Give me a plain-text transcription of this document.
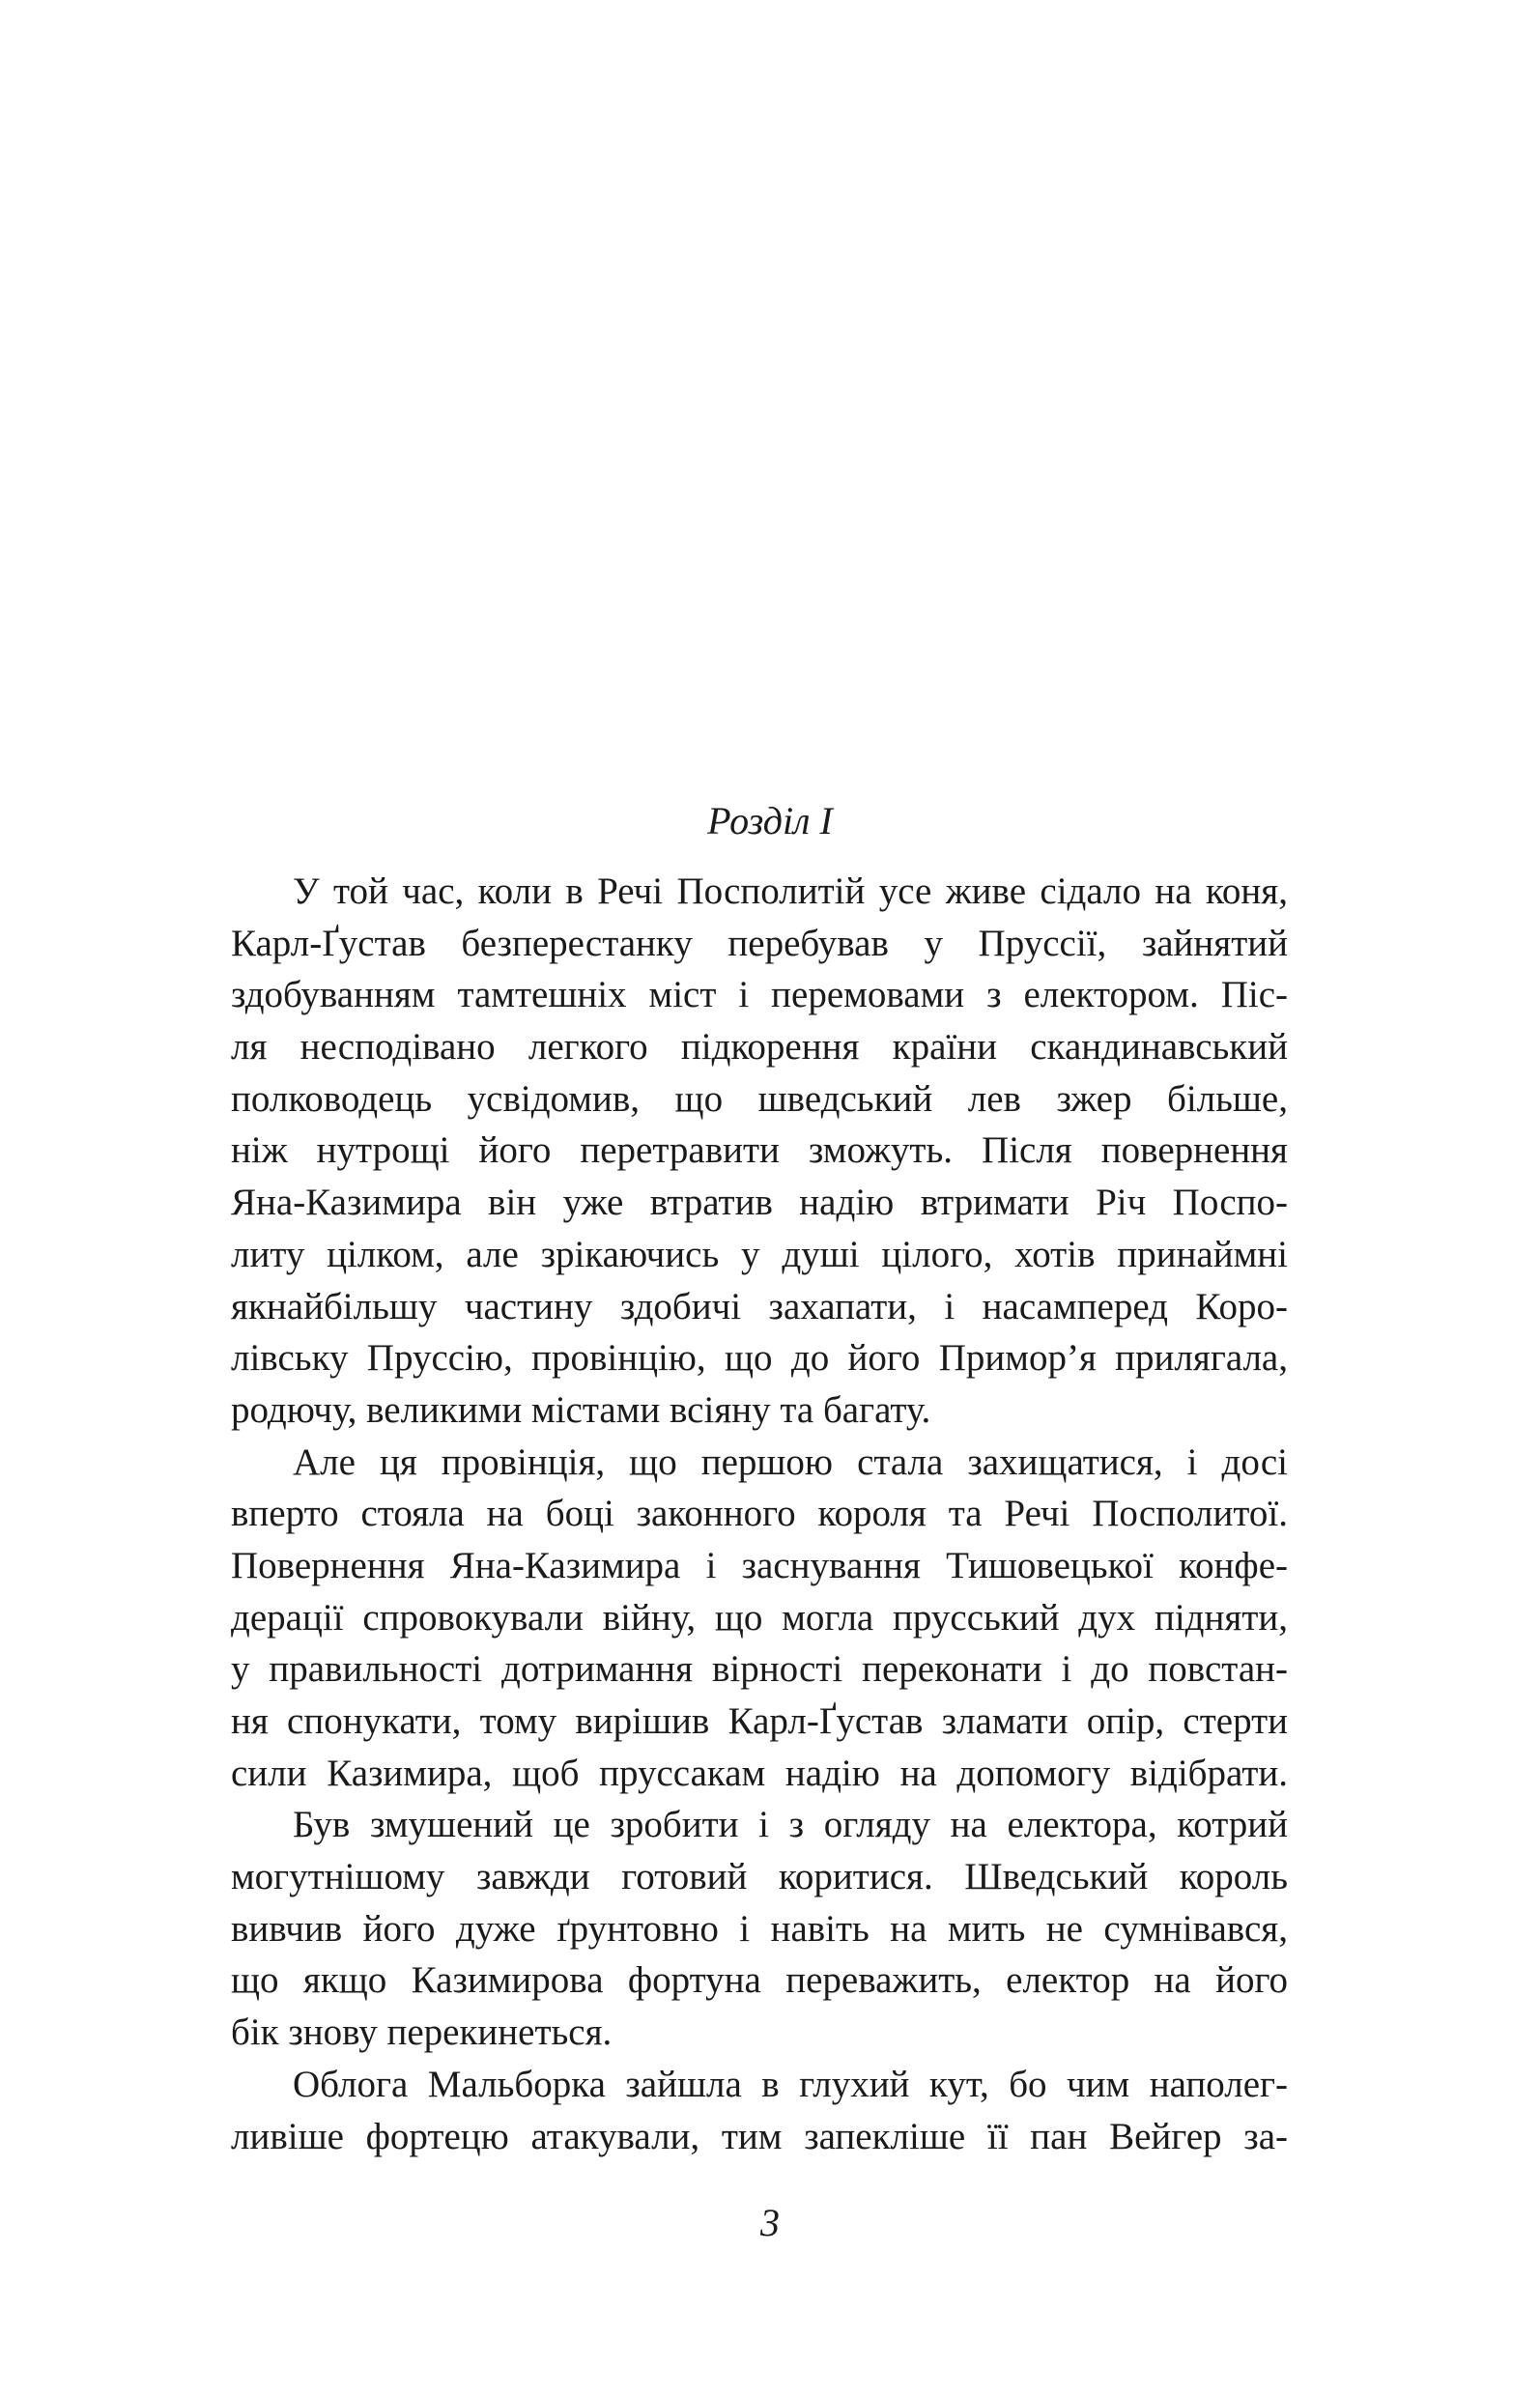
Розділ I
У той час, коли в Речі Посполитій усе живе сідало на коня,
Карл-Ґустав безперестанку перебував у Пруссії, зайнятий
здобуванням тамтешніх міст і перемовами з електором. Піс-
ля несподівано легкого підкорення країни скандинавський
полководець усвідомив, що шведський лев зжер більше,
ніж нутрощі його перетравити зможуть. Після повернення
Яна-Казимира він уже втратив надію втримати Річ Поспо-
литу цілком, але зрікаючись у душі цілого, хотів принаймні
якнайбільшу частину здобичі захапати, і насамперед Коро-
лівську Пруссію, провінцію, що до його Примор’я прилягала,
родючу, великими містами всіяну та багату.
Але ця провінція, що першою стала захищатися, і досі
вперто стояла на боці законного короля та Речі Посполитої.
Повернення Яна-Казимира і заснування Тишовецької конфе-
дерації спровокували війну, що могла прусський дух підняти,
у правильності дотримання вірності переконати і до повстан-
ня спонукати, тому вирішив Карл-Ґустав зламати опір, стерти
сили Казимира, щоб пруссакам надію на допомогу відібрати.
Був змушений це зробити і з огляду на електора, котрий
могутнішому завжди готовий коритися. Шведський король
вивчив його дуже ґрунтовно і навіть на мить не сумнівався,
що якщо Казимирова фортуна переважить, електор на його
бік знову перекинеться.
Облога Мальборка зайшла в глухий кут, бо чим наполег-
ливіше фортецю атакували, тим запекліше її пан Вейгер за-
3
